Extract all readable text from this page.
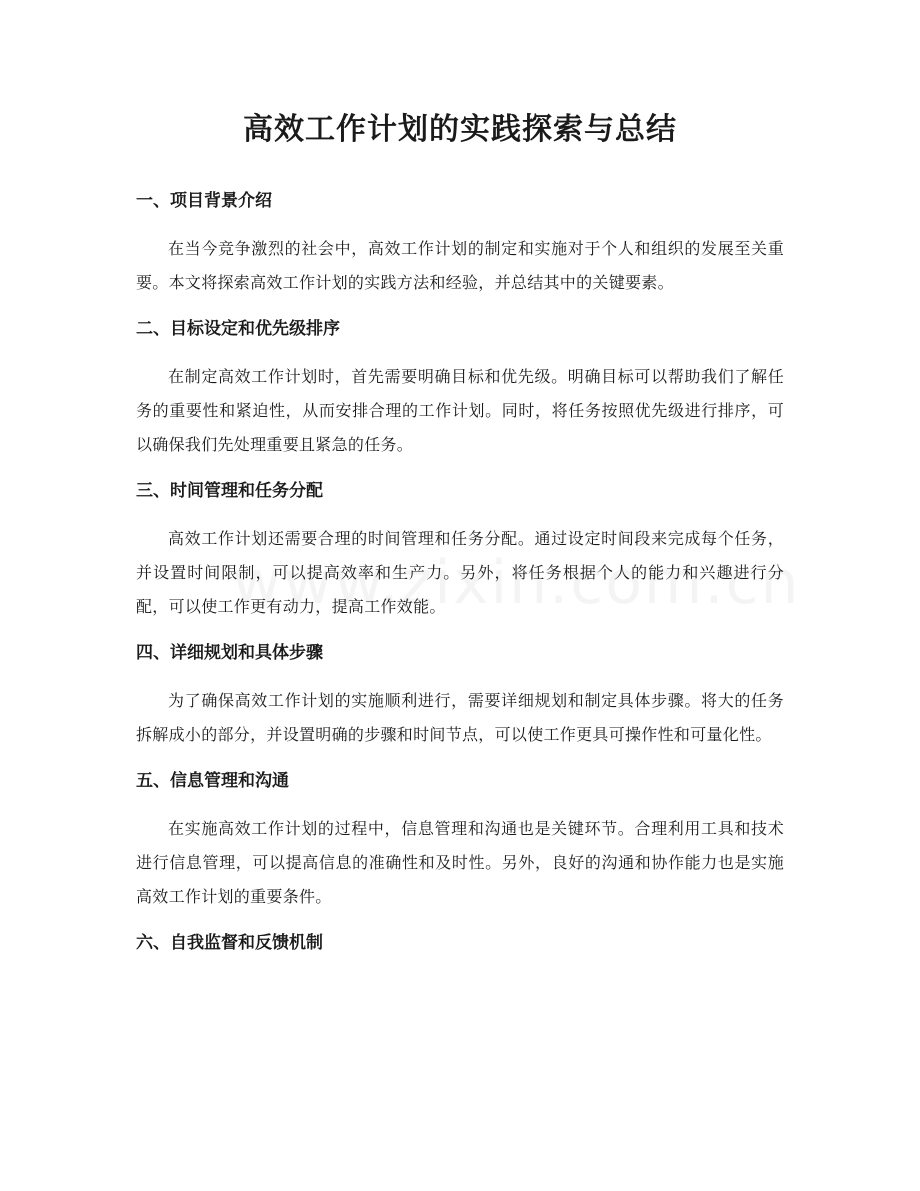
高效工作计划的实践探索与总结
一、项目背景介绍

在当今竞争激烈的社会中，高效工作计划的制定和实施对于个人和组织的发展至关重要。本文将探索高效工作计划的实践方法和经验，并总结其中的关键要素。

二、目标设定和优先级排序

在制定高效工作计划时，首先需要明确目标和优先级。明确目标可以帮助我们了解任务的重要性和紧迫性，从而安排合理的工作计划。同时，将任务按照优先级进行排序，可以确保我们先处理重要且紧急的任务。

三、时间管理和任务分配

高效工作计划还需要合理的时间管理和任务分配。通过设定时间段来完成每个任务，并设置时间限制，可以提高效率和生产力。另外，将任务根据个人的能力和兴趣进行分配，可以使工作更有动力，提高工作效能。

四、详细规划和具体步骤

为了确保高效工作计划的实施顺利进行，需要详细规划和制定具体步骤。将大的任务拆解成小的部分，并设置明确的步骤和时间节点，可以使工作更具可操作性和可量化性。

五、信息管理和沟通

在实施高效工作计划的过程中，信息管理和沟通也是关键环节。合理利用工具和技术进行信息管理，可以提高信息的准确性和及时性。另外，良好的沟通和协作能力也是实施高效工作计划的重要条件。

六、自我监督和反馈机制
